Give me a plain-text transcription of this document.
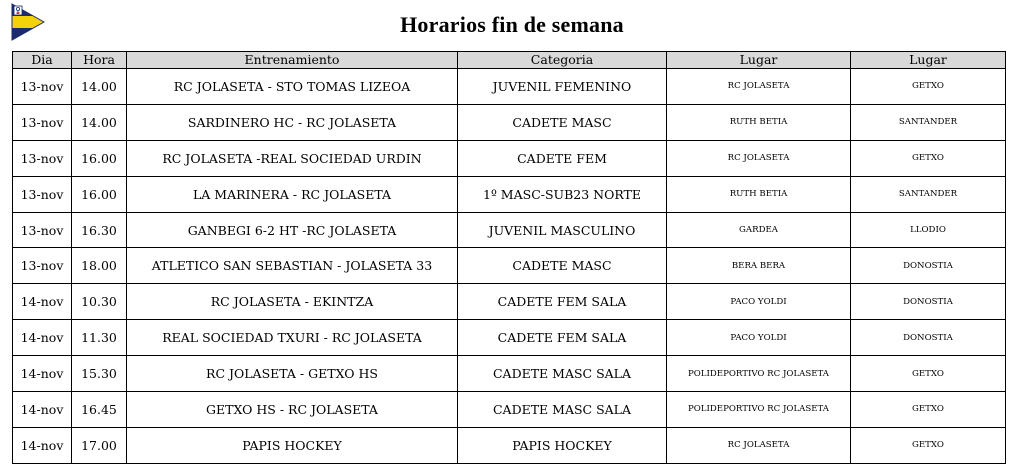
Horarios fin de semana
Dia	Hora	Entrenamiento	Categoria	Lugar	Lugar
13-nov	14.00	RC JOLASETA - STO TOMAS LIZEOA	JUVENIL FEMENINO	RC JOLASETA	GETXO
13-nov	14.00	SARDINERO HC - RC JOLASETA	CADETE MASC	RUTH BETIA	SANTANDER
13-nov	16.00	RC JOLASETA -REAL SOCIEDAD URDIN	CADETE FEM	RC JOLASETA	GETXO
13-nov	16.00	LA MARINERA - RC JOLASETA	1º MASC-SUB23 NORTE	RUTH BETIA	SANTANDER
13-nov	16.30	GANBEGI 6-2 HT -RC JOLASETA	JUVENIL MASCULINO	GARDEA	LLODIO
13-nov	18.00	ATLETICO SAN SEBASTIAN - JOLASETA 33	CADETE MASC	BERA BERA	DONOSTIA
14-nov	10.30	RC JOLASETA - EKINTZA	CADETE FEM SALA	PACO YOLDI	DONOSTIA
14-nov	11.30	REAL SOCIEDAD TXURI - RC JOLASETA	CADETE FEM SALA	PACO YOLDI	DONOSTIA
14-nov	15.30	RC JOLASETA - GETXO HS	CADETE MASC SALA	POLIDEPORTIVO RC JOLASETA	GETXO
14-nov	16.45	GETXO HS - RC JOLASETA	CADETE MASC SALA	POLIDEPORTIVO RC JOLASETA	GETXO
14-nov	17.00	PAPIS HOCKEY	PAPIS HOCKEY	RC JOLASETA	GETXO
